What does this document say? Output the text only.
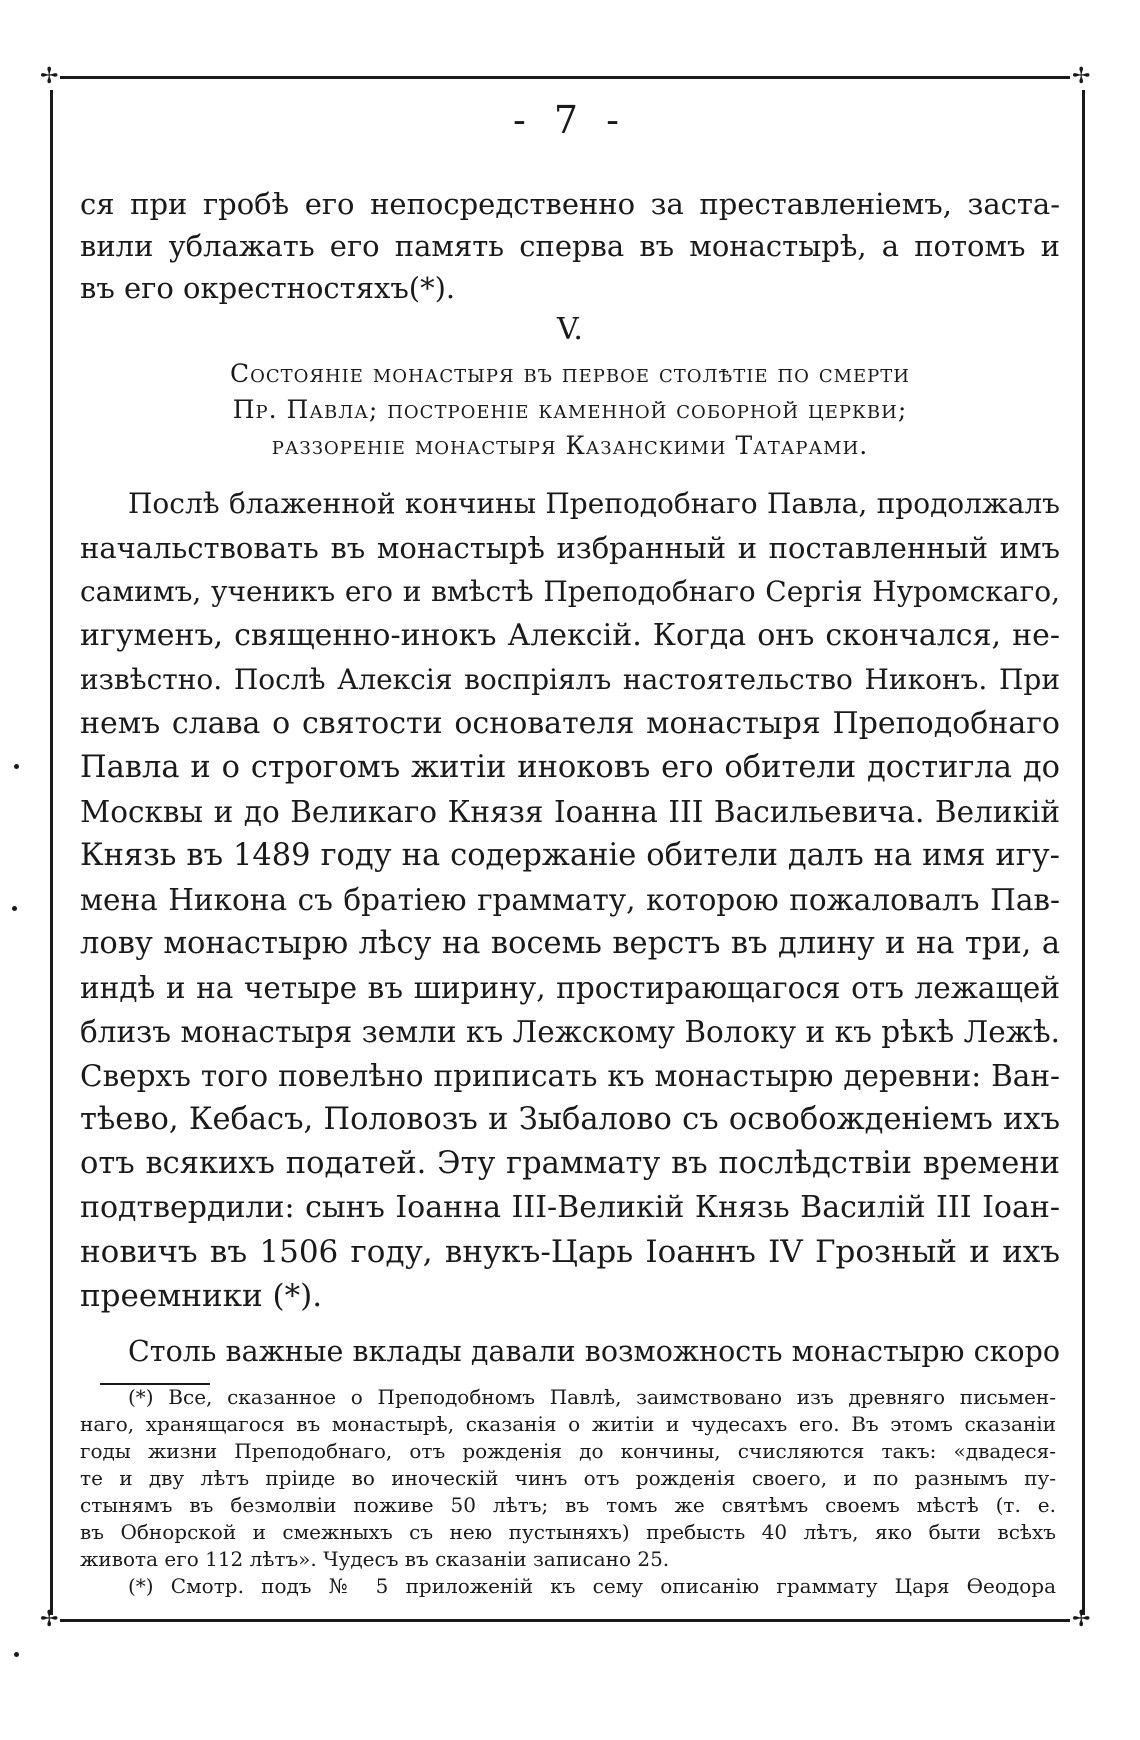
✢	✢
✢	✢
- 7 -
ся при гробѣ его непосредственно за преставленіемъ, заста-
вили ублажать его память сперва въ монастырѣ, а потомъ и
въ его окрестностяхъ(*).
V.
Состояніе монастыря въ первое столѣтіе по смерти
Пр. Павла; построеніе каменной соборной церкви;
раззореніе монастыря Казанскими Татарами.
Послѣ блаженной кончины Преподобнаго Павла, продолжалъ
начальствовать въ монастырѣ избранный и поставленный имъ
самимъ, ученикъ его и вмѣстѣ Преподобнаго Сергія Нуромскаго,
игуменъ, священно-инокъ Алексій. Когда онъ скончался, не-
извѣстно. Послѣ Алексія воспріялъ настоятельство Никонъ. При
немъ слава о святости основателя монастыря Преподобнаго
Павла и о строгомъ житіи иноковъ его обители достигла до
Москвы и до Великаго Князя Іоанна III Васильевича. Великій
Князь въ 1489 году на содержаніе обители далъ на имя игу-
мена Никона съ братіею граммату, которою пожаловалъ Пав-
лову монастырю лѣсу на восемь верстъ въ длину и на три, а
индѣ и на четыре въ ширину, простирающагося отъ лежащей
близъ монастыря земли къ Лежскому Волоку и къ рѣкѣ Лежѣ.
Сверхъ того повелѣно приписать къ монастырю деревни: Ван-
тѣево, Кебасъ, Половозъ и Зыбалово съ освобожденіемъ ихъ
отъ всякихъ податей. Эту граммату въ послѣдствіи времени
подтвердили: сынъ Іоанна III-Великій Князь Василій III Іоан-
новичъ въ 1506 году, внукъ-Царь Іоаннъ IV Грозный и ихъ
преемники (*).
Столь важные вклады давали возможность монастырю скоро
(*) Все, сказанное о Преподобномъ Павлѣ, заимствовано изъ древняго письмен-
наго, хранящагося въ монастырѣ, сказанія о житіи и чудесахъ его. Въ этомъ сказаніи
годы жизни Преподобнаго, отъ рожденія до кончины, счисляются такъ: «двадеся-
те и дву лѣтъ пріиде во иноческій чинъ отъ рожденія своего, и по разнымъ пу-
стынямъ въ безмолвіи поживе 50 лѣтъ; въ томъ же святѣмъ своемъ мѣстѣ (т. е.
въ Обнорской и смежныхъ съ нею пустыняхъ) пребысть 40 лѣтъ, яко быти всѣхъ
живота его 112 лѣтъ». Чудесъ въ сказаніи записано 25.
(*) Смотр. подъ № 5 приложеній къ сему описанію граммату Царя Ѳеодора
